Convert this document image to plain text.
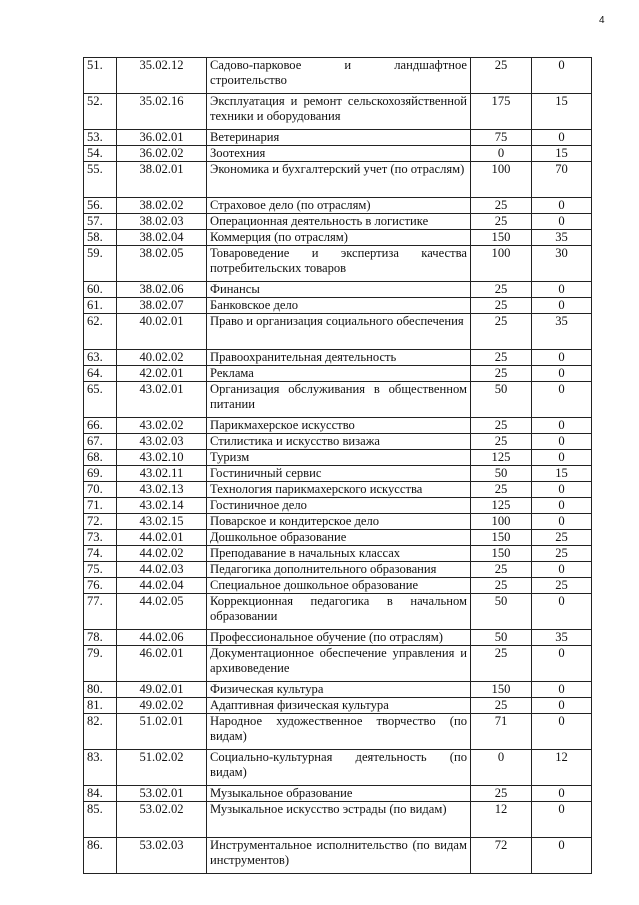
4
51.	35.02.12	Садово-парковое и ландшафтное строительство	25	0
52.	35.02.16	Эксплуатация и ремонт сельскохозяйственной техники и оборудования	175	15
53.	36.02.01	Ветеринария	75	0
54.	36.02.02	Зоотехния	0	15
55.	38.02.01	Экономика и бухгалтерский учет (по отраслям)	100	70
56.	38.02.02	Страховое дело (по отраслям)	25	0
57.	38.02.03	Операционная деятельность в логистике	25	0
58.	38.02.04	Коммерция (по отраслям)	150	35
59.	38.02.05	Товароведение и экспертиза качества потребительских товаров	100	30
60.	38.02.06	Финансы	25	0
61.	38.02.07	Банковское дело	25	0
62.	40.02.01	Право и организация социального обеспечения	25	35
63.	40.02.02	Правоохранительная деятельность	25	0
64.	42.02.01	Реклама	25	0
65.	43.02.01	Организация обслуживания в общественном питании	50	0
66.	43.02.02	Парикмахерское искусство	25	0
67.	43.02.03	Стилистика и искусство визажа	25	0
68.	43.02.10	Туризм	125	0
69.	43.02.11	Гостиничный сервис	50	15
70.	43.02.13	Технология парикмахерского искусства	25	0
71.	43.02.14	Гостиничное дело	125	0
72.	43.02.15	Поварское и кондитерское дело	100	0
73.	44.02.01	Дошкольное образование	150	25
74.	44.02.02	Преподавание в начальных классах	150	25
75.	44.02.03	Педагогика дополнительного образования	25	0
76.	44.02.04	Специальное дошкольное образование	25	25
77.	44.02.05	Коррекционная педагогика в начальном образовании	50	0
78.	44.02.06	Профессиональное обучение (по отраслям)	50	35
79.	46.02.01	Документационное обеспечение управления и архивоведение	25	0
80.	49.02.01	Физическая культура	150	0
81.	49.02.02	Адаптивная физическая культура	25	0
82.	51.02.01	Народное художественное творчество (по видам)	71	0
83.	51.02.02	Социально-культурная деятельность (по видам)	0	12
84.	53.02.01	Музыкальное образование	25	0
85.	53.02.02	Музыкальное искусство эстрады (по видам)	12	0
86.	53.02.03	Инструментальное исполнительство (по видам инструментов)	72	0
